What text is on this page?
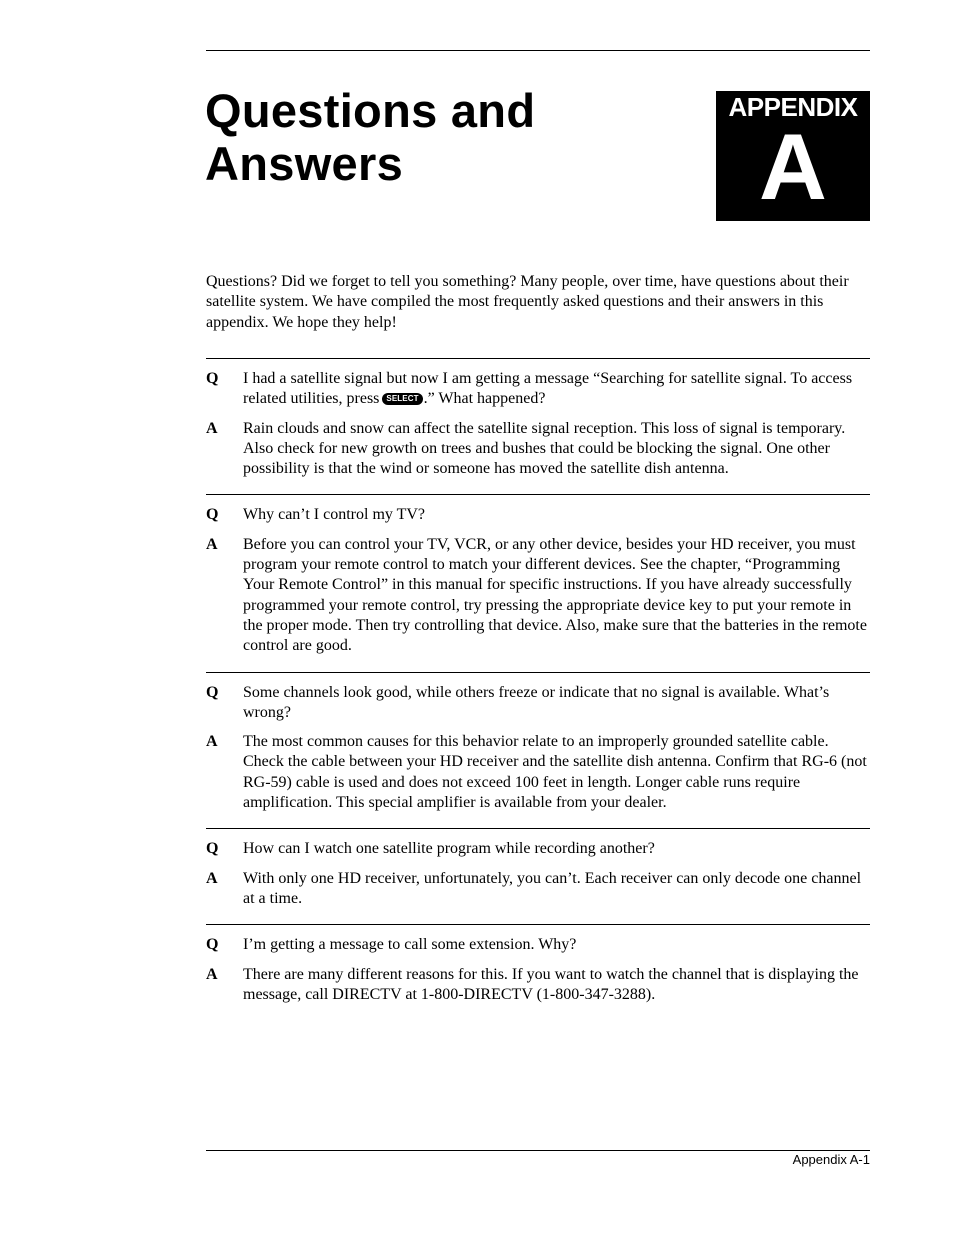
Questions and Answers
APPENDIX
A

Questions? Did we forget to tell you something? Many people, over time, have questions about their satellite system. We have compiled the most frequently asked questions and their answers in this appendix. We hope they help!

Q	I had a satellite signal but now I am getting a message “Searching for satellite signal. To access related utilities, press SELECT .” What happened?
A	Rain clouds and snow can affect the satellite signal reception. This loss of signal is temporary. Also check for new growth on trees and bushes that could be blocking the signal. One other possibility is that the wind or someone has moved the satellite dish antenna.
Q	Why can’t I control my TV?
A	Before you can control your TV, VCR, or any other device, besides your HD receiver, you must program your remote control to match your different devices. See the chapter, “Programming Your Remote Control” in this manual for specific instructions. If you have already successfully programmed your remote control, try pressing the appropriate device key to put your remote in the proper mode. Then try controlling that device. Also, make sure that the batteries in the remote control are good.
Q	Some channels look good, while others freeze or indicate that no signal is available. What’s wrong?
A	The most common causes for this behavior relate to an improperly grounded satellite cable. Check the cable between your HD receiver and the satellite dish antenna. Confirm that RG-6 (not RG-59) cable is used and does not exceed 100 feet in length. Longer cable runs require amplification. This special amplifier is available from your dealer.
Q	How can I watch one satellite program while recording another?
A	With only one HD receiver, unfortunately, you can’t. Each receiver can only decode one channel at a time.
Q	I’m getting a message to call some extension. Why?
A	There are many different reasons for this. If you want to watch the channel that is displaying the message, call DIRECTV at 1-800-DIRECTV (1-800-347-3288).
Appendix A-1
